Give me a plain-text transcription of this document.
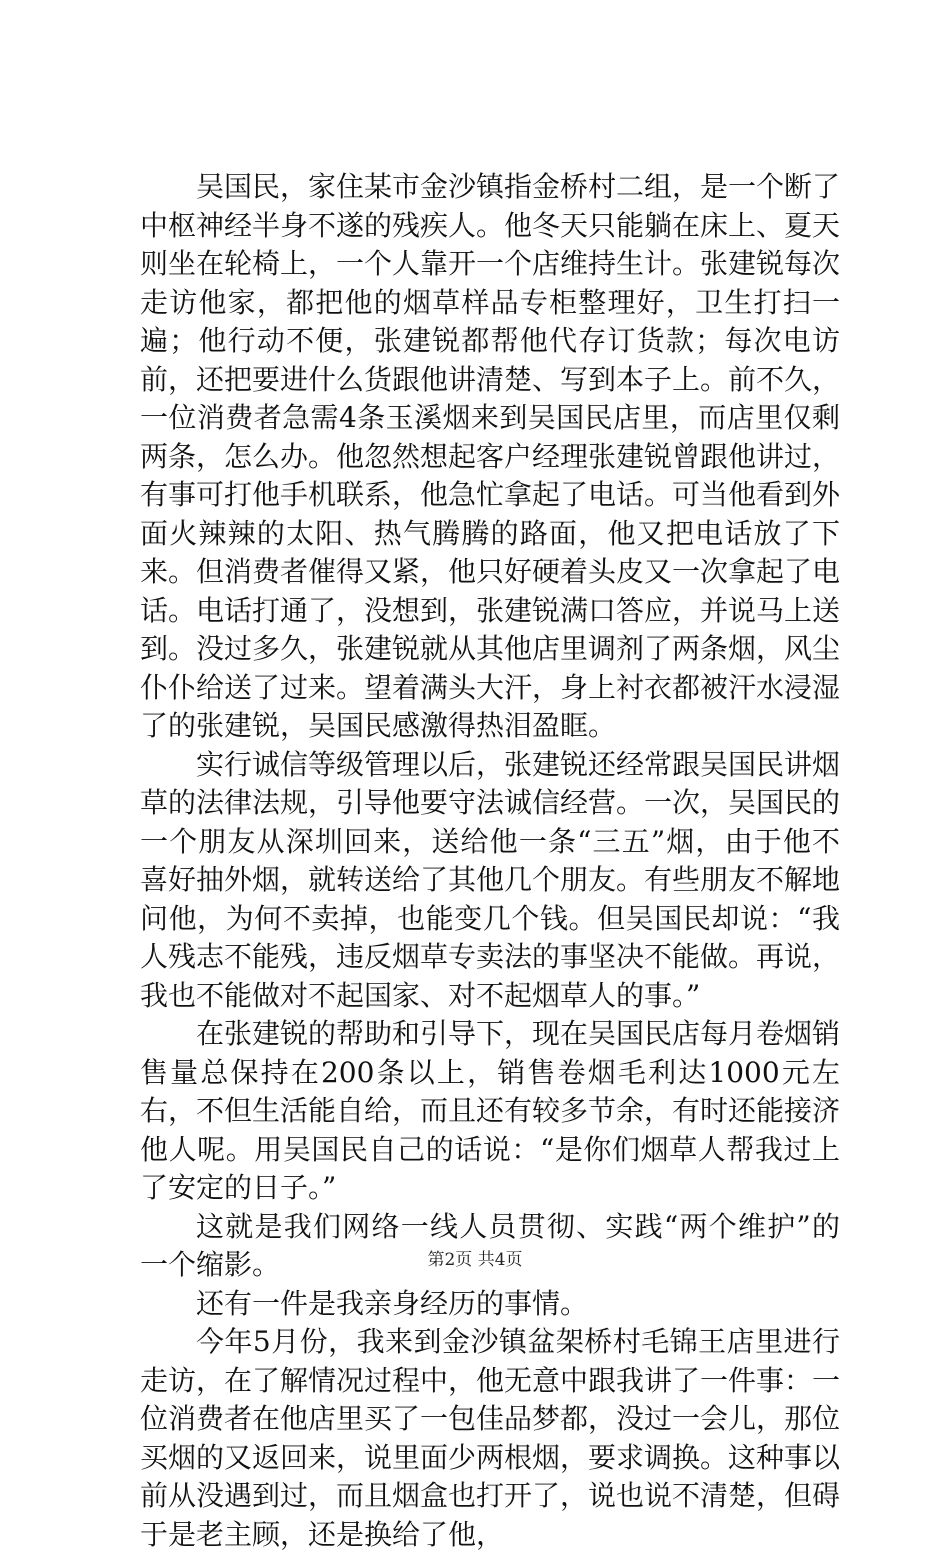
吴国民，家住某市金沙镇指金桥村二组，是一个断了中枢神经半身不遂的残疾人。他冬天只能躺在床上、夏天则坐在轮椅上，一个人靠开一个店维持生计。张建锐每次走访他家，都把他的烟草样品专柜整理好，卫生打扫一遍；他行动不便，张建锐都帮他代存订货款；每次电访前，还把要进什么货跟他讲清楚、写到本子上。前不久，一位消费者急需4条玉溪烟来到吴国民店里，而店里仅剩两条，怎么办。他忽然想起客户经理张建锐曾跟他讲过，有事可打他手机联系，他急忙拿起了电话。可当他看到外面火辣辣的太阳、热气腾腾的路面，他又把电话放了下来。但消费者催得又紧，他只好硬着头皮又一次拿起了电话。电话打通了，没想到，张建锐满口答应，并说马上送到。没过多久，张建锐就从其他店里调剂了两条烟，风尘仆仆给送了过来。望着满头大汗，身上衬衣都被汗水浸湿了的张建锐，吴国民感激得热泪盈眶。

实行诚信等级管理以后，张建锐还经常跟吴国民讲烟草的法律法规，引导他要守法诚信经营。一次，吴国民的一个朋友从深圳回来，送给他一条“三五”烟，由于他不喜好抽外烟，就转送给了其他几个朋友。有些朋友不解地问他，为何不卖掉，也能变几个钱。但吴国民却说：“我人残志不能残，违反烟草专卖法的事坚决不能做。再说，我也不能做对不起国家、对不起烟草人的事。”

在张建锐的帮助和引导下，现在吴国民店每月卷烟销售量总保持在200条以上，销售卷烟毛利达1000元左右，不但生活能自给，而且还有较多节余，有时还能接济他人呢。用吴国民自己的话说：“是你们烟草人帮我过上了安定的日子。”

这就是我们网络一线人员贯彻、实践“两个维护”的一个缩影。

还有一件是我亲身经历的事情。

今年5月份，我来到金沙镇盆架桥村毛锦王店里进行走访，在了解情况过程中，他无意中跟我讲了一件事：一位消费者在他店里买了一包佳品梦都，没过一会儿，那位买烟的又返回来，说里面少两根烟，要求调换。这种事以前从没遇到过，而且烟盒也打开了，说也说不清楚，但碍于是老主顾，还是换给了他，

第2页 共4页
